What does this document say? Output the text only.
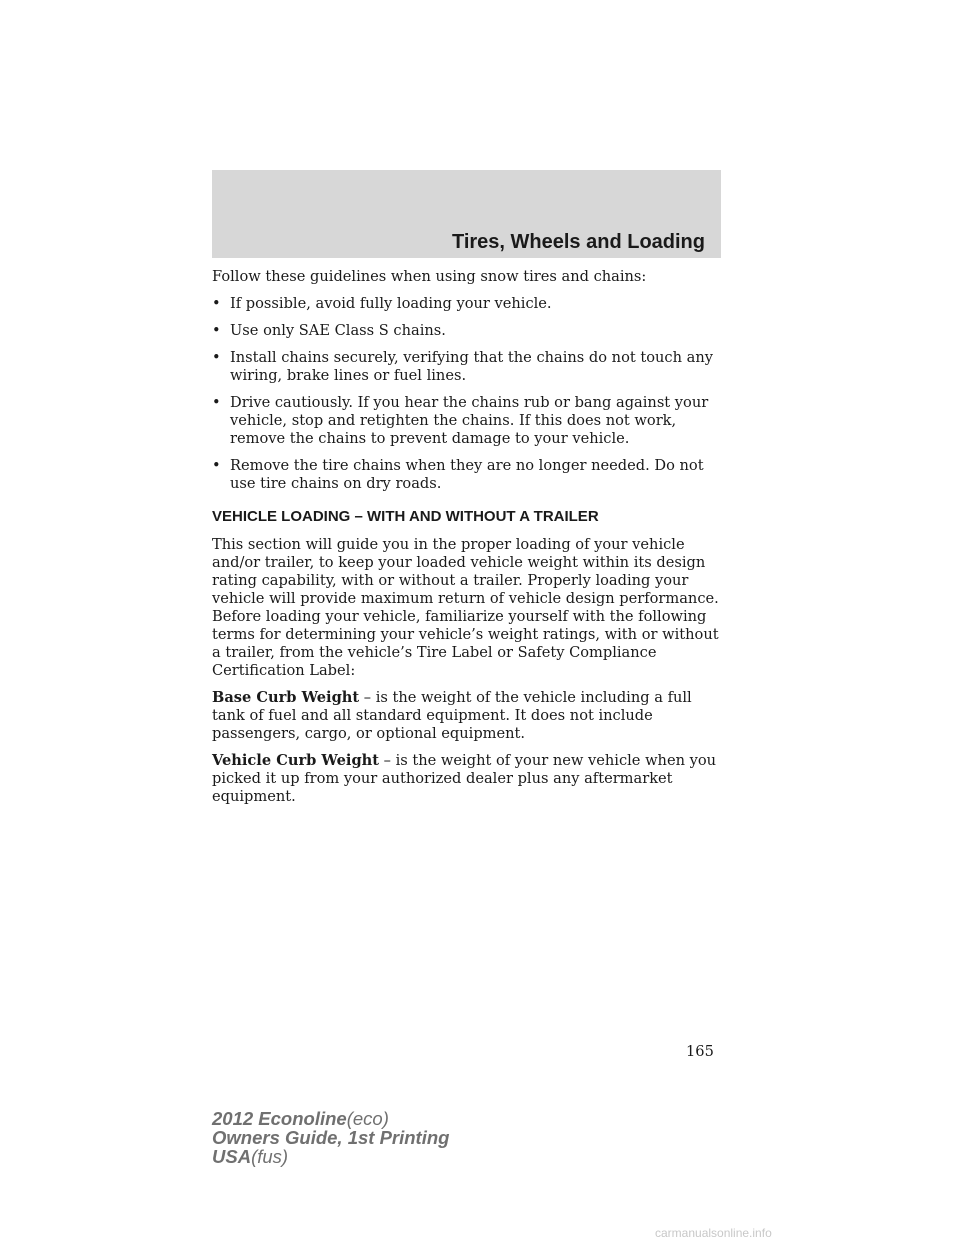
Tires, Wheels and Loading

Follow these guidelines when using snow tires and chains:

• If possible, avoid fully loading your vehicle.
• Use only SAE Class S chains.
• Install chains securely, verifying that the chains do not touch any wiring, brake lines or fuel lines.
• Drive cautiously. If you hear the chains rub or bang against your vehicle, stop and retighten the chains. If this does not work, remove the chains to prevent damage to your vehicle.
• Remove the tire chains when they are no longer needed. Do not use tire chains on dry roads.
VEHICLE LOADING – WITH AND WITHOUT A TRAILER

This section will guide you in the proper loading of your vehicle and/or trailer, to keep your loaded vehicle weight within its design rating capability, with or without a trailer. Properly loading your vehicle will provide maximum return of vehicle design performance. Before loading your vehicle, familiarize yourself with the following terms for determining your vehicle’s weight ratings, with or without a trailer, from the vehicle’s Tire Label or Safety Compliance Certification Label:

Base Curb Weight – is the weight of the vehicle including a full tank of fuel and all standard equipment. It does not include passengers, cargo, or optional equipment.

Vehicle Curb Weight – is the weight of your new vehicle when you picked it up from your authorized dealer plus any aftermarket equipment.

165
2012 Econoline(eco)
Owners Guide, 1st Printing
USA(fus)
carmanualsonline.info
